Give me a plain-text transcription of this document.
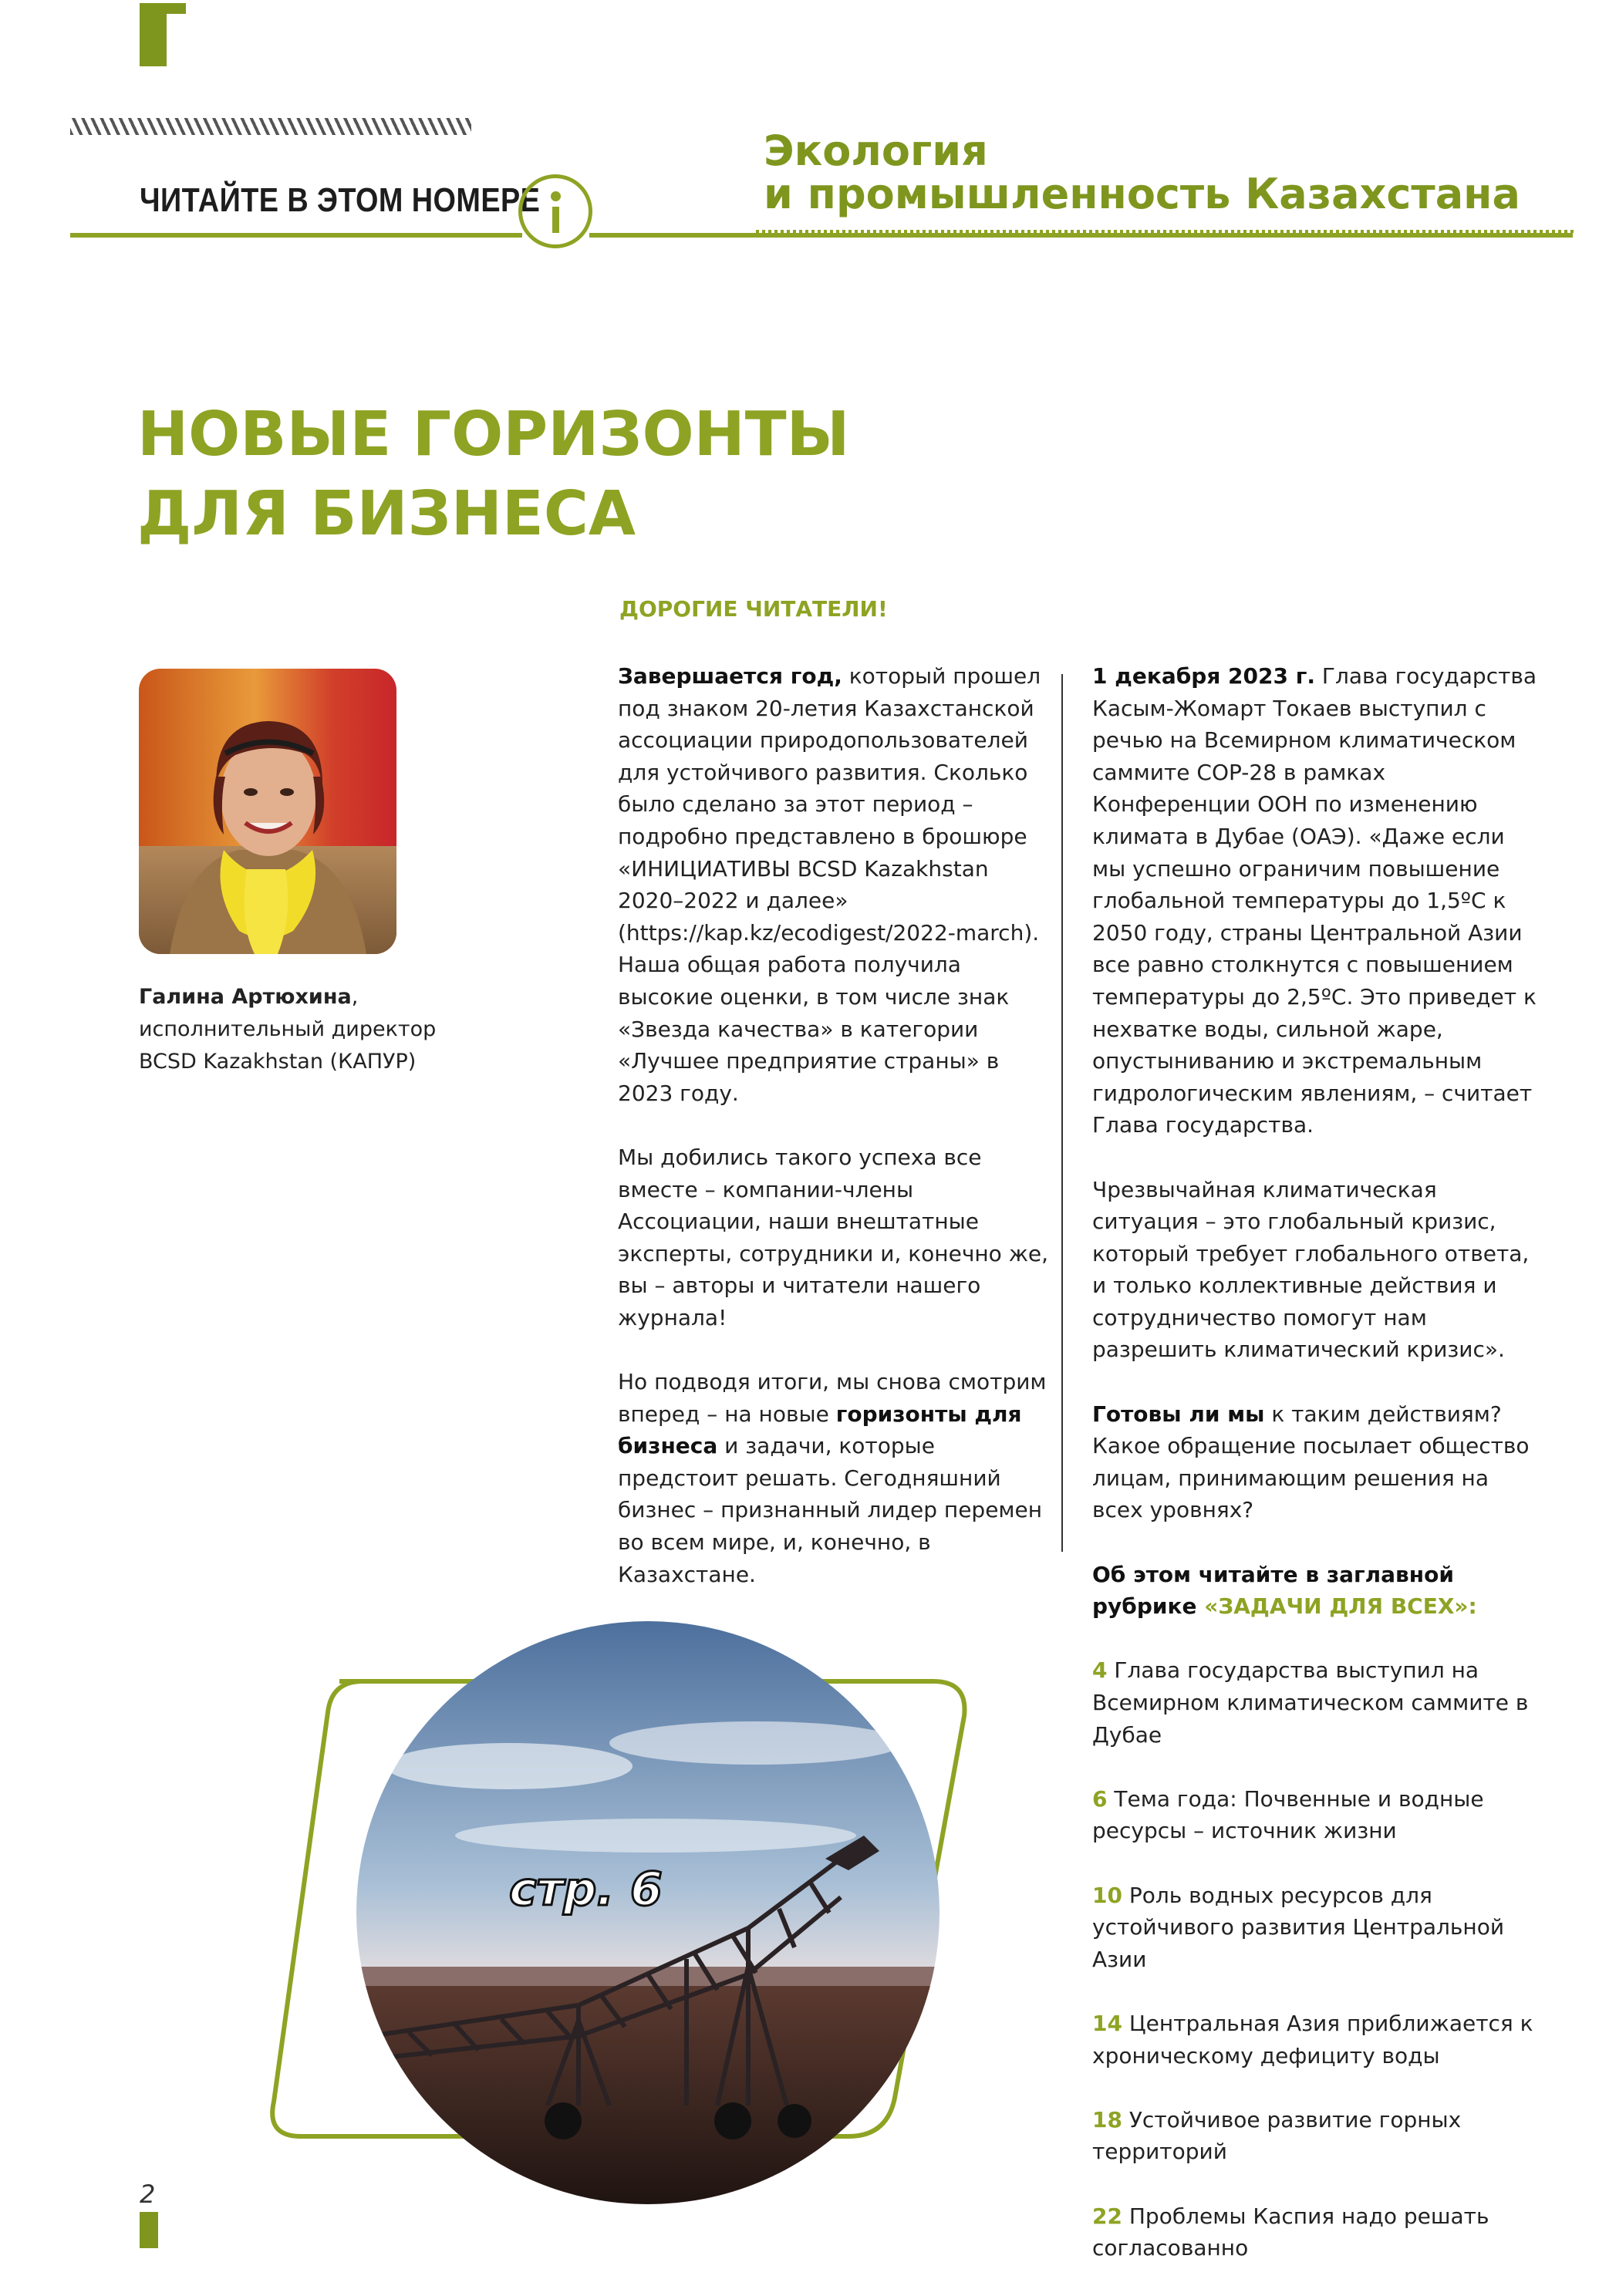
ЧИТАЙТЕ В ЭТОМ НОМЕРЕ
Экология
и промышленность Казахстана
НОВЫЕ ГОРИЗОНТЫ
ДЛЯ БИЗНЕСА
Галина Артюхина,
исполнительный директор
BCSD Kazakhstan (КАПУР)
ДОРОГИЕ ЧИТАТЕЛИ!

Завершается год, который прошел под знаком 20-летия Казахстанской ассоциации природопользователей для устойчивого развития. Сколько было сделано за этот период – подробно представлено в брошюре «ИНИЦИАТИВЫ BCSD Kazakhstan 2020–2022 и далее» (https://kap.kz/ecodigest/2022-march). Наша общая работа получила высокие оценки, в том числе знак «Звезда качества» в категории «Лучшее предприятие страны» в 2023 году.

Мы добились такого успеха все вместе – компании-члены Ассоциации, наши внештатные эксперты, сотрудники и, конечно же, вы – авторы и читатели нашего журнала!

Но подводя итоги, мы снова смотрим вперед – на новые горизонты для бизнеса и задачи, которые предстоит решать. Сегодняшний бизнес – признанный лидер перемен во всем мире, и, конечно, в Казахстане.

1 декабря 2023 г. Глава государства Касым-Жомарт Токаев выступил с речью на Всемирном климатическом саммите COP-28 в рамках Конференции ООН по изменению климата в Дубае (ОАЭ). «Даже если мы успешно ограничим повышение глобальной температуры до 1,5ºC к 2050 году, страны Центральной Азии все равно столкнутся с повышением температуры до 2,5ºC. Это приведет к нехватке воды, сильной жаре, опустыниванию и экстремальным гидрологическим явлениям, – считает Глава государства.

Чрезвычайная климатическая ситуация – это глобальный кризис, который требует глобального ответа, и только коллективные действия и сотрудничество помогут нам разрешить климатический кризис».

Готовы ли мы к таким действиям? Какое обращение посылает общество лицам, принимающим решения на всех уровнях?

Об этом читайте в заглавной рубрике «ЗАДАЧИ ДЛЯ ВСЕХ»:

4 Глава государства выступил на Всемирном климатическом саммите в Дубае

6 Тема года: Почвенные и водные ресурсы – источник жизни

10 Роль водных ресурсов для устойчивого развития Центральной Азии

14 Центральная Азия приближается к хроническому дефициту воды

18 Устойчивое развитие горных территорий

22 Проблемы Каспия надо решать согласованно

стр. 6
2
